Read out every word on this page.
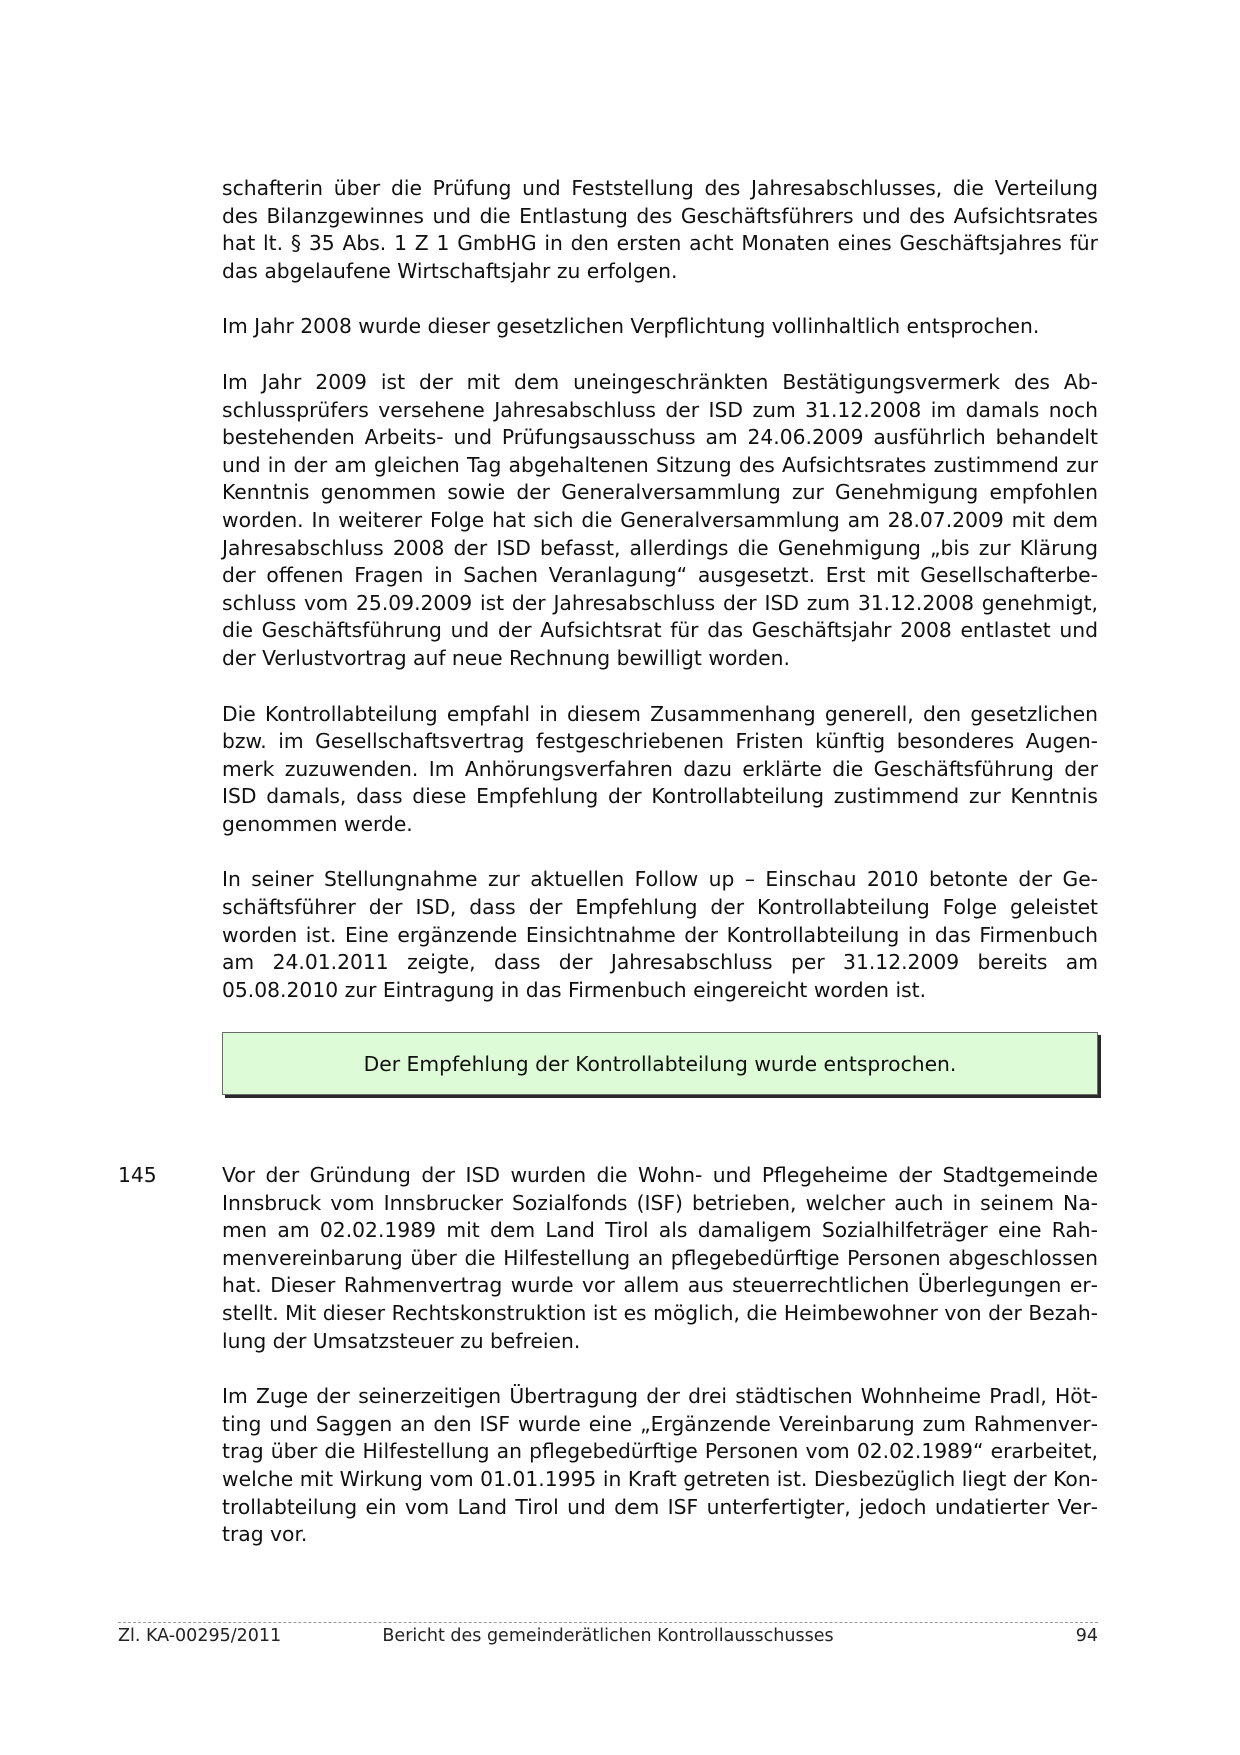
schafterin über die Prüfung und Feststellung des Jahresabschlusses, die Verteilung des Bilanzgewinnes und die Entlastung des Geschäftsführers und des Aufsichtsrates hat lt. § 35 Abs. 1 Z 1 GmbHG in den ersten acht Monaten eines Geschäftsjahres für das abgelaufene Wirtschaftsjahr zu erfolgen.

Im Jahr 2008 wurde dieser gesetzlichen Verpflichtung vollinhaltlich entsprochen.

Im Jahr 2009 ist der mit dem uneingeschränkten Bestätigungsvermerk des Abschlussprüfers versehene Jahresabschluss der ISD zum 31.12.2008 im damals noch bestehenden Arbeits- und Prüfungsausschuss am 24.06.2009 ausführlich behandelt und in der am gleichen Tag abgehaltenen Sitzung des Aufsichtsrates zustimmend zur Kenntnis genommen sowie der Generalversammlung zur Genehmigung empfohlen worden. In weiterer Folge hat sich die Generalversammlung am 28.07.2009 mit dem Jahresabschluss 2008 der ISD befasst, allerdings die Genehmigung „bis zur Klärung der offenen Fragen in Sachen Veranlagung“ ausgesetzt. Erst mit Gesellschafterbeschluss vom 25.09.2009 ist der Jahresabschluss der ISD zum 31.12.2008 genehmigt, die Geschäftsführung und der Aufsichtsrat für das Geschäftsjahr 2008 entlastet und der Verlustvortrag auf neue Rechnung bewilligt worden.

Die Kontrollabteilung empfahl in diesem Zusammenhang generell, den gesetzlichen bzw. im Gesellschaftsvertrag festgeschriebenen Fristen künftig besonderes Augenmerk zuzuwenden. Im Anhörungsverfahren dazu erklärte die Geschäftsführung der ISD damals, dass diese Empfehlung der Kontrollabteilung zustimmend zur Kenntnis genommen werde.

In seiner Stellungnahme zur aktuellen Follow up – Einschau 2010 betonte der Geschäftsführer der ISD, dass der Empfehlung der Kontrollabteilung Folge geleistet worden ist. Eine ergänzende Einsichtnahme der Kontrollabteilung in das Firmenbuch am 24.01.2011 zeigte, dass der Jahresabschluss per 31.12.2009 bereits am 05.08.2010 zur Eintragung in das Firmenbuch eingereicht worden ist.

Der Empfehlung der Kontrollabteilung wurde entsprochen.
145	Vor der Gründung der ISD wurden die Wohn- und Pflegeheime der Stadtgemeinde Innsbruck vom Innsbrucker Sozialfonds (ISF) betrieben, welcher auch in seinem Namen am 02.02.1989 mit dem Land Tirol als damaligem Sozialhilfeträger eine Rahmenvereinbarung über die Hilfestellung an pflegebedürftige Personen abgeschlossen hat. Dieser Rahmenvertrag wurde vor allem aus steuerrechtlichen Überlegungen erstellt. Mit dieser Rechtskonstruktion ist es möglich, die Heimbewohner von der Bezahlung der Umsatzsteuer zu befreien.

Im Zuge der seinerzeitigen Übertragung der drei städtischen Wohnheime Pradl, Hötting und Saggen an den ISF wurde eine „Ergänzende Vereinbarung zum Rahmenvertrag über die Hilfestellung an pflegebedürftige Personen vom 02.02.1989“ erarbeitet, welche mit Wirkung vom 01.01.1995 in Kraft getreten ist. Diesbezüglich liegt der Kontrollabteilung ein vom Land Tirol und dem ISF unterfertigter, jedoch undatierter Vertrag vor.

Zl. KA-00295/2011	Bericht des gemeinderätlichen Kontrollausschusses	94
